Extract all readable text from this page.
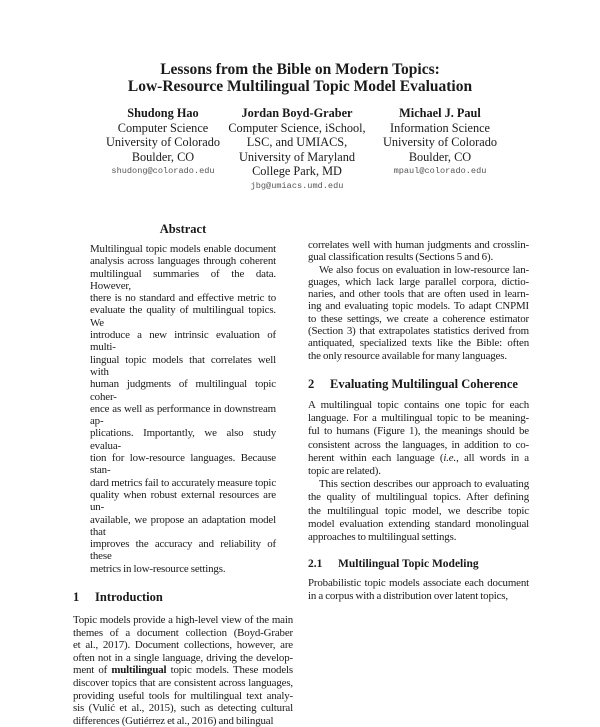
Lessons from the Bible on Modern Topics:
Low-Resource Multilingual Topic Model Evaluation
Shudong Hao
Computer Science
University of Colorado
Boulder, CO
shudong@colorado.edu
Jordan Boyd-Graber
Computer Science, iSchool,
LSC, and UMIACS,
University of Maryland
College Park, MD
jbg@umiacs.umd.edu
Michael J. Paul
Information Science
University of Colorado
Boulder, CO
mpaul@colorado.edu
Abstract
Multilingual topic models enable document
analysis across languages through coherent
multilingual summaries of the data. However,
there is no standard and effective metric to
evaluate the quality of multilingual topics. We
introduce a new intrinsic evaluation of multi-
lingual topic models that correlates well with
human judgments of multilingual topic coher-
ence as well as performance in downstream ap-
plications. Importantly, we also study evalua-
tion for low-resource languages. Because stan-
dard metrics fail to accurately measure topic
quality when robust external resources are un-
available, we propose an adaptation model that
improves the accuracy and reliability of these
metrics in low-resource settings.
1 Introduction
Topic models provide a high-level view of the main
themes of a document collection (Boyd-Graber
et al., 2017). Document collections, however, are
often not in a single language, driving the develop-
ment of multilingual topic models. These models
discover topics that are consistent across languages,
providing useful tools for multilingual text analy-
sis (Vulić et al., 2015), such as detecting cultural
differences (Gutiérrez et al., 2016) and bilingual
correlates well with human judgments and crosslin-
gual classification results (Sections 5 and 6).
We also focus on evaluation in low-resource lan-
guages, which lack large parallel corpora, dictio-
naries, and other tools that are often used in learn-
ing and evaluating topic models. To adapt CNPMI
to these settings, we create a coherence estimator
(Section 3) that extrapolates statistics derived from
antiquated, specialized texts like the Bible: often
the only resource available for many languages.
2 Evaluating Multilingual Coherence
A multilingual topic contains one topic for each
language. For a multilingual topic to be meaning-
ful to humans (Figure 1), the meanings should be
consistent across the languages, in addition to co-
herent within each language (i.e., all words in a
topic are related).
This section describes our approach to evaluating
the quality of multilingual topics. After defining
the multilingual topic model, we describe topic
model evaluation extending standard monolingual
approaches to multilingual settings.
2.1 Multilingual Topic Modeling
Probabilistic topic models associate each document
in a corpus with a distribution over latent topics,
